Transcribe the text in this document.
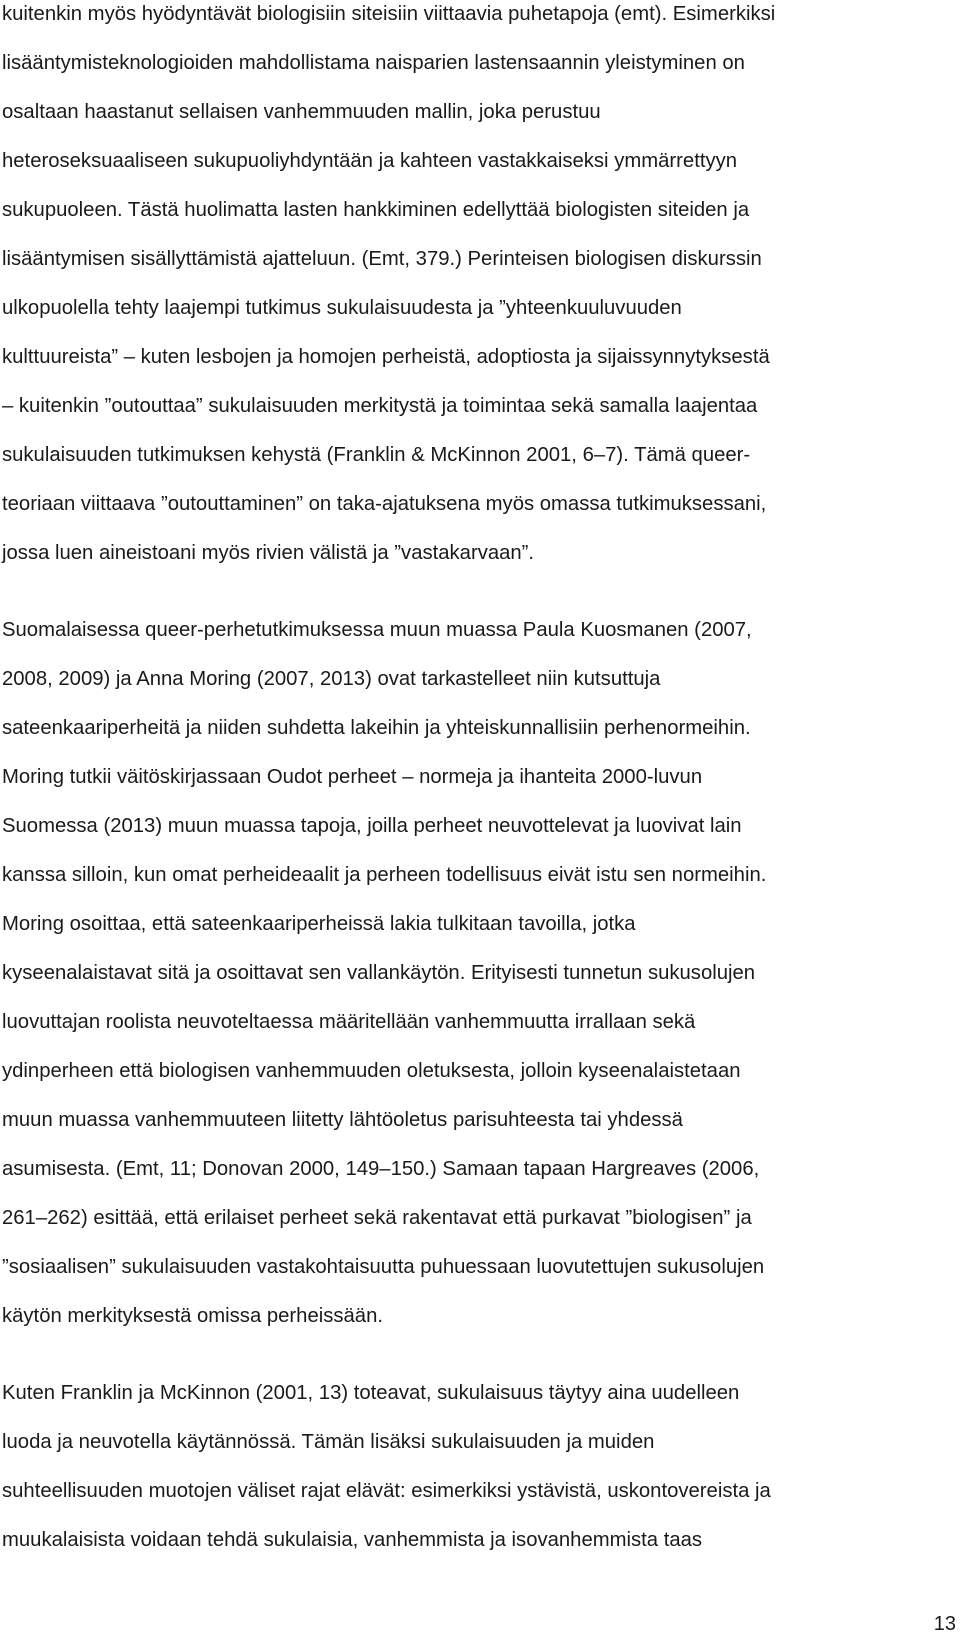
kuitenkin myös hyödyntävät biologisiin siteisiin viittaavia puhetapoja (emt). Esimerkiksi
lisääntymisteknologioiden mahdollistama naisparien lastensaannin yleistyminen on
osaltaan haastanut sellaisen vanhemmuuden mallin, joka perustuu
heteroseksuaaliseen sukupuoliyhdyntään ja kahteen vastakkaiseksi ymmärrettyyn
sukupuoleen. Tästä huolimatta lasten hankkiminen edellyttää biologisten siteiden ja
lisääntymisen sisällyttämistä ajatteluun. (Emt, 379.) Perinteisen biologisen diskurssin
ulkopuolella tehty laajempi tutkimus sukulaisuudesta ja ”yhteenkuuluvuuden
kulttuureista” – kuten lesbojen ja homojen perheistä, adoptiosta ja sijaissynnytyksestä
– kuitenkin ”outouttaa” sukulaisuuden merkitystä ja toimintaa sekä samalla laajentaa
sukulaisuuden tutkimuksen kehystä (Franklin & McKinnon 2001, 6–7). Tämä queer-
teoriaan viittaava ”outouttaminen” on taka-ajatuksena myös omassa tutkimuksessani,
jossa luen aineistoani myös rivien välistä ja ”vastakarvaan”.
Suomalaisessa queer-perhetutkimuksessa muun muassa Paula Kuosmanen (2007,
2008, 2009) ja Anna Moring (2007, 2013) ovat tarkastelleet niin kutsuttuja
sateenkaariperheitä ja niiden suhdetta lakeihin ja yhteiskunnallisiin perhenormeihin.
Moring tutkii väitöskirjassaan Oudot perheet – normeja ja ihanteita 2000-luvun
Suomessa (2013) muun muassa tapoja, joilla perheet neuvottelevat ja luovivat lain
kanssa silloin, kun omat perheideaalit ja perheen todellisuus eivät istu sen normeihin.
Moring osoittaa, että sateenkaariperheissä lakia tulkitaan tavoilla, jotka
kyseenalaistavat sitä ja osoittavat sen vallankäytön. Erityisesti tunnetun sukusolujen
luovuttajan roolista neuvoteltaessa määritellään vanhemmuutta irrallaan sekä
ydinperheen että biologisen vanhemmuuden oletuksesta, jolloin kyseenalaistetaan
muun muassa vanhemmuuteen liitetty lähtöoletus parisuhteesta tai yhdessä
asumisesta. (Emt, 11; Donovan 2000, 149–150.) Samaan tapaan Hargreaves (2006,
261–262) esittää, että erilaiset perheet sekä rakentavat että purkavat ”biologisen” ja
”sosiaalisen” sukulaisuuden vastakohtaisuutta puhuessaan luovutettujen sukusolujen
käytön merkityksestä omissa perheissään.
Kuten Franklin ja McKinnon (2001, 13) toteavat, sukulaisuus täytyy aina uudelleen
luoda ja neuvotella käytännössä. Tämän lisäksi sukulaisuuden ja muiden
suhteellisuuden muotojen väliset rajat elävät: esimerkiksi ystävistä, uskontovereista ja
muukalaisista voidaan tehdä sukulaisia, vanhemmista ja isovanhemmista taas
13
